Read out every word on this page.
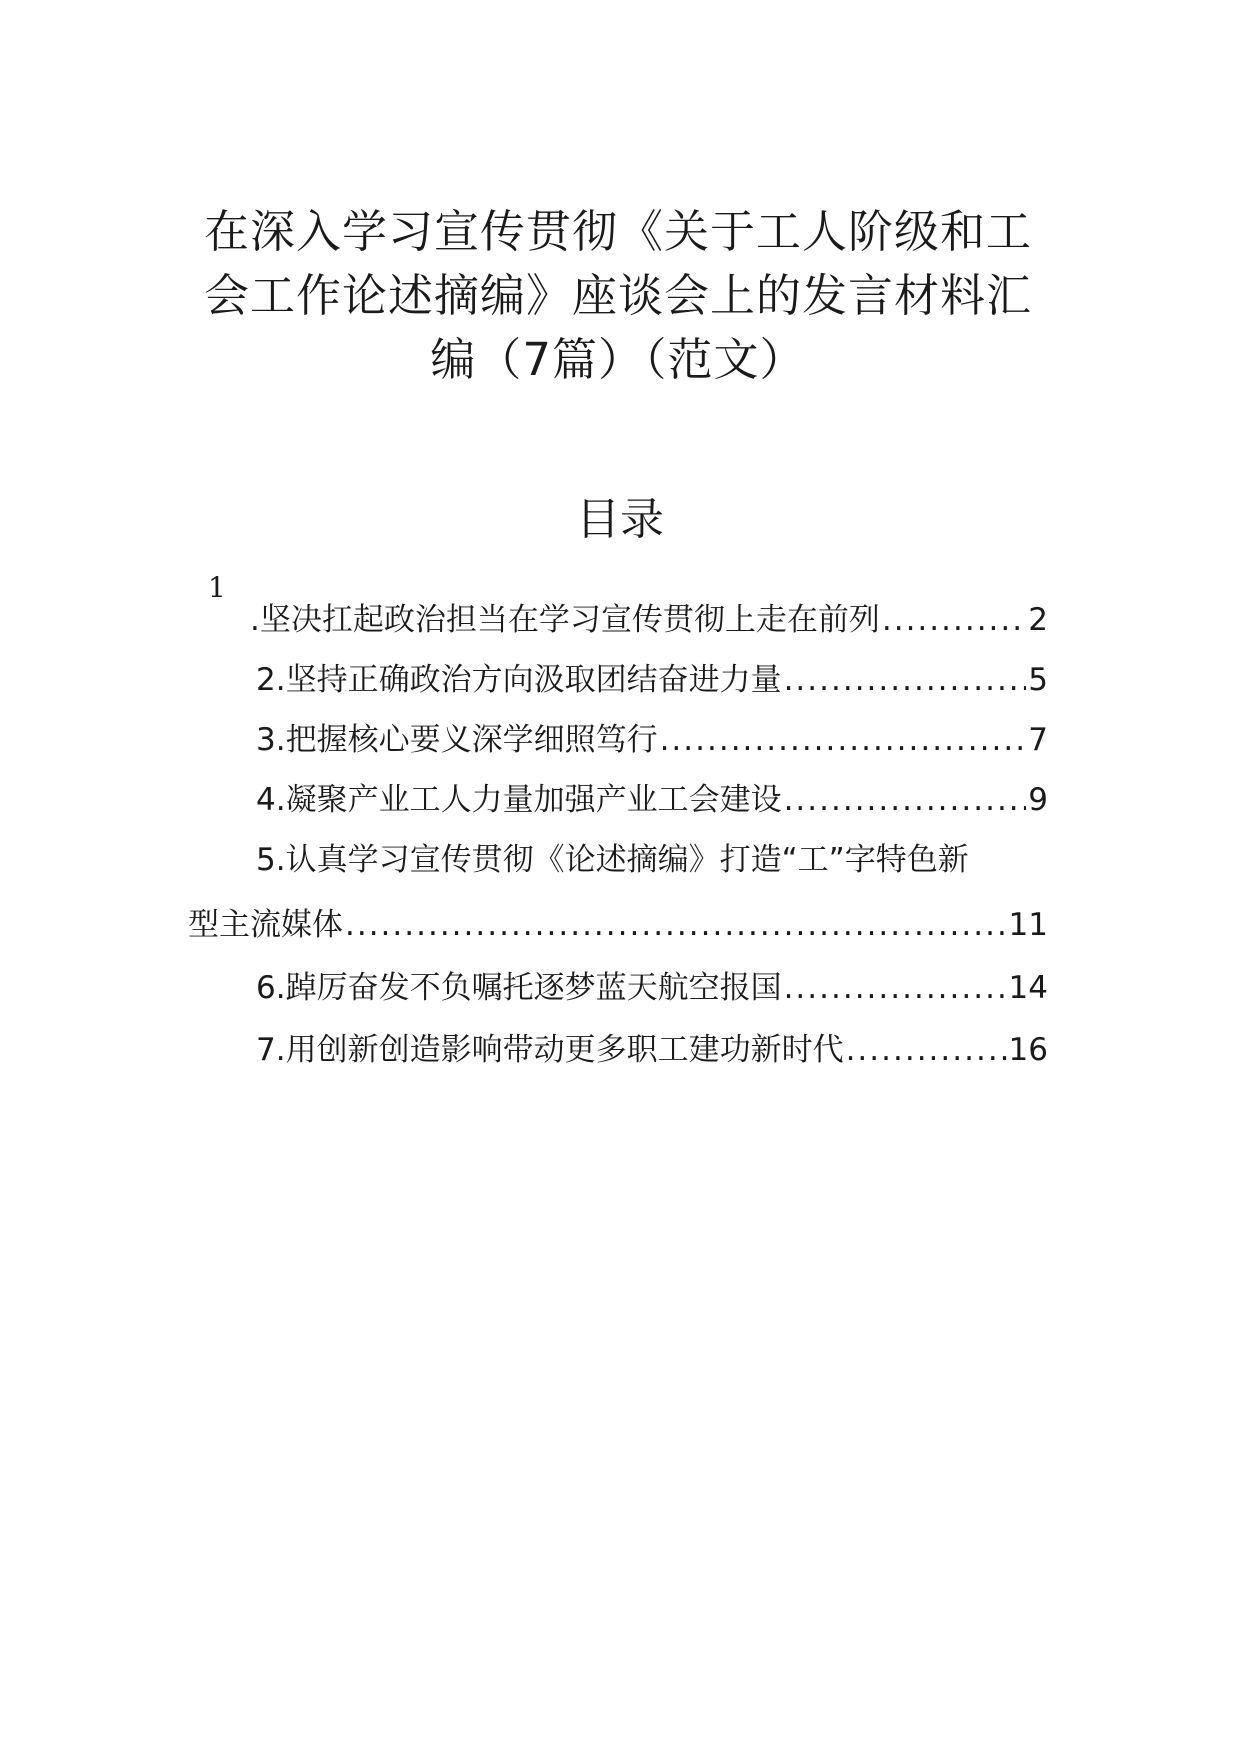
在深入学习宣传贯彻《关于工人阶级和工
会工作论述摘编》座谈会上的发言材料汇
编（7篇）（范文）
目录
1
.坚决扛起政治担当在学习宣传贯彻上走在前列 .....	2
2.坚持正确政治方向汲取团结奋进力量 .....	5
3.把握核心要义深学细照笃行 .....	7
4.凝聚产业工人力量加强产业工会建设 .....	9
5.认真学习宣传贯彻《论述摘编》打造“工”字特色新
型主流媒体 .....	11
6.踔厉奋发不负嘱托逐梦蓝天航空报国 .....	14
7.用创新创造影响带动更多职工建功新时代 .....	16
